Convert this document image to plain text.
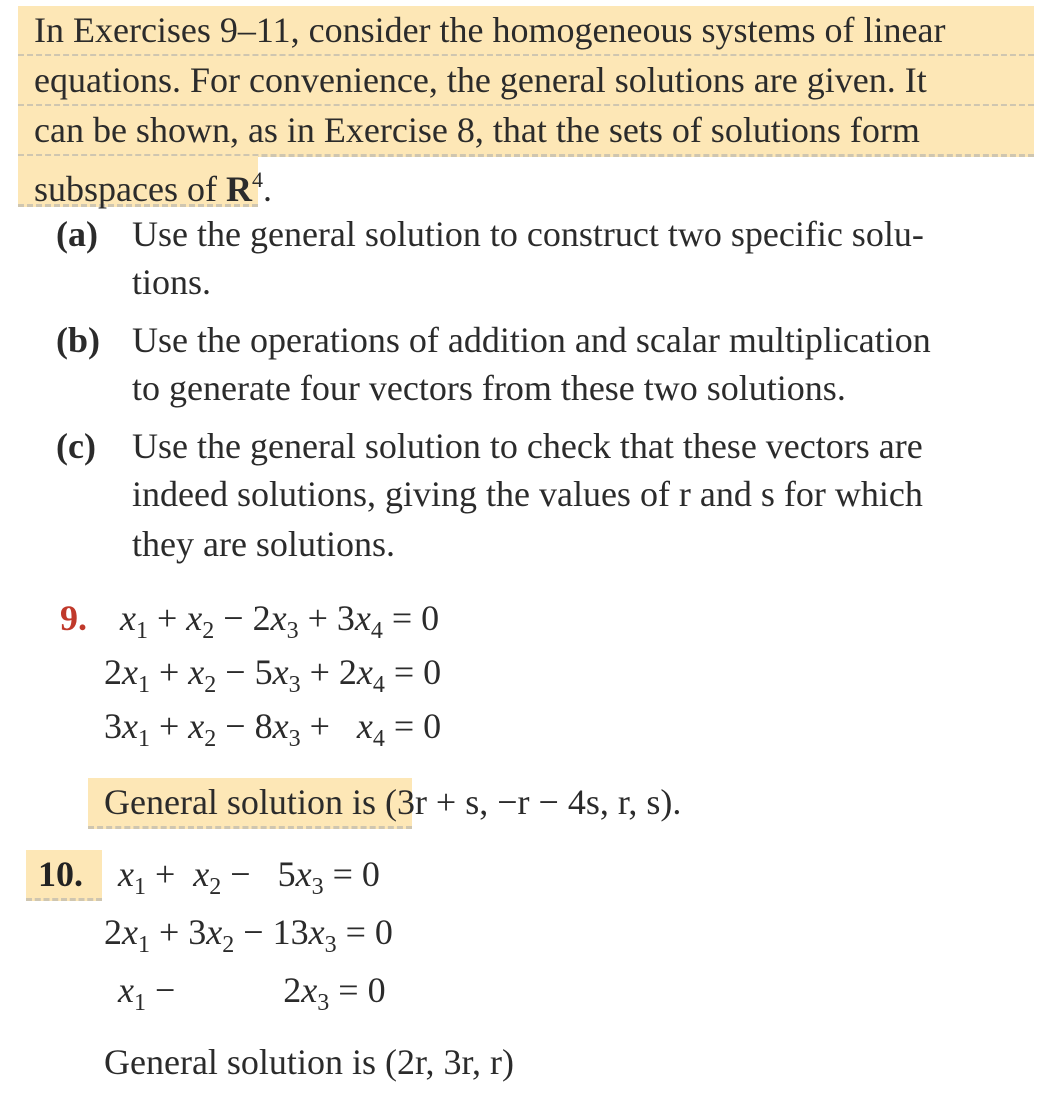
In Exercises 9–11, consider the homogeneous systems of linear
equations. For convenience, the general solutions are given. It
can be shown, as in Exercise 8, that the sets of solutions form
subspaces of $R^4$.
(a) Use the general solution to construct two specific solu-
tions.
(b) Use the operations of addition and scalar multiplication
to generate four vectors from these two solutions.
(c) Use the general solution to check that these vectors are
indeed solutions, giving the values of r and s for which
they are solutions.
9. $x_1 + x_2 - 2x_3 + 3x_4 = 0$
$2x_1 + x_2 - 5x_3 + 2x_4 = 0$
$3x_1 + x_2 - 8x_3 + x_4 = 0$
General solution is (3r + s, −r − 4s, r, s).
10. $x_1 + x_2 - 5x_3 = 0$
$2x_1 + 3x_2 - 13x_3 = 0$
$x_1$ −            $2x_3 = 0$
General solution is (2r, 3r, r)
